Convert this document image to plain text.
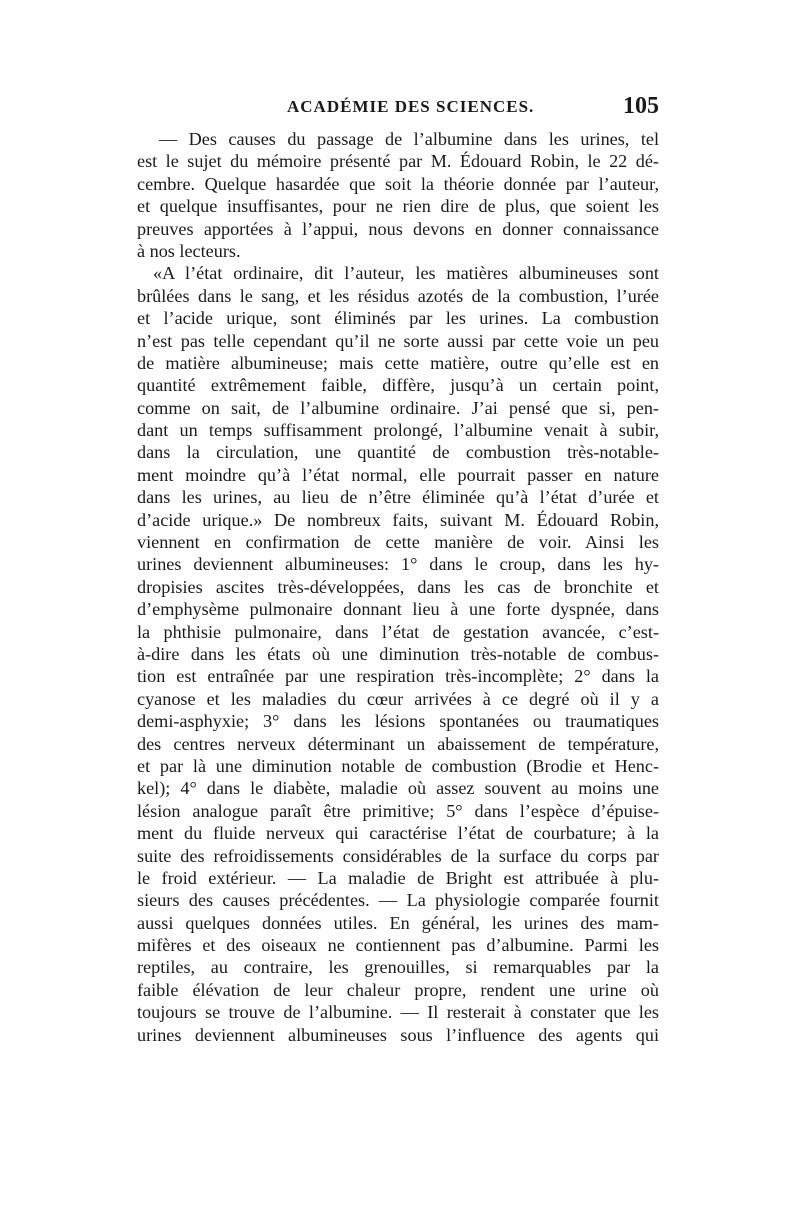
ACADÉMIE DES SCIENCES.	105
— Des causes du passage de l’albumine dans les urines, tel
est le sujet du mémoire présenté par M. Édouard Robin, le 22 dé-
cembre. Quelque hasardée que soit la théorie donnée par l’auteur,
et quelque insuffisantes, pour ne rien dire de plus, que soient les
preuves apportées à l’appui, nous devons en donner connaissance
à nos lecteurs.
«A l’état ordinaire, dit l’auteur, les matières albumineuses sont
brûlées dans le sang, et les résidus azotés de la combustion, l’urée
et l’acide urique, sont éliminés par les urines. La combustion
n’est pas telle cependant qu’il ne sorte aussi par cette voie un peu
de matière albumineuse; mais cette matière, outre qu’elle est en
quantité extrêmement faible, diffère, jusqu’à un certain point,
comme on sait, de l’albumine ordinaire. J’ai pensé que si, pen-
dant un temps suffisamment prolongé, l’albumine venait à subir,
dans la circulation, une quantité de combustion très-notable-
ment moindre qu’à l’état normal, elle pourrait passer en nature
dans les urines, au lieu de n’être éliminée qu’à l’état d’urée et
d’acide urique.» De nombreux faits, suivant M. Édouard Robin,
viennent en confirmation de cette manière de voir. Ainsi les
urines deviennent albumineuses: 1° dans le croup, dans les hy-
dropisies ascites très-développées, dans les cas de bronchite et
d’emphysème pulmonaire donnant lieu à une forte dyspnée, dans
la phthisie pulmonaire, dans l’état de gestation avancée, c’est-
à-dire dans les états où une diminution très-notable de combus-
tion est entraînée par une respiration très-incomplète; 2° dans la
cyanose et les maladies du cœur arrivées à ce degré où il y a
demi-asphyxie; 3° dans les lésions spontanées ou traumatiques
des centres nerveux déterminant un abaissement de température,
et par là une diminution notable de combustion (Brodie et Henc-
kel); 4° dans le diabète, maladie où assez souvent au moins une
lésion analogue paraît être primitive; 5° dans l’espèce d’épuise-
ment du fluide nerveux qui caractérise l’état de courbature; à la
suite des refroidissements considérables de la surface du corps par
le froid extérieur. — La maladie de Bright est attribuée à plu-
sieurs des causes précédentes. — La physiologie comparée fournit
aussi quelques données utiles. En général, les urines des mam-
mifères et des oiseaux ne contiennent pas d’albumine. Parmi les
reptiles, au contraire, les grenouilles, si remarquables par la
faible élévation de leur chaleur propre, rendent une urine où
toujours se trouve de l’albumine. — Il resterait à constater que les
urines deviennent albumineuses sous l’influence des agents qui
